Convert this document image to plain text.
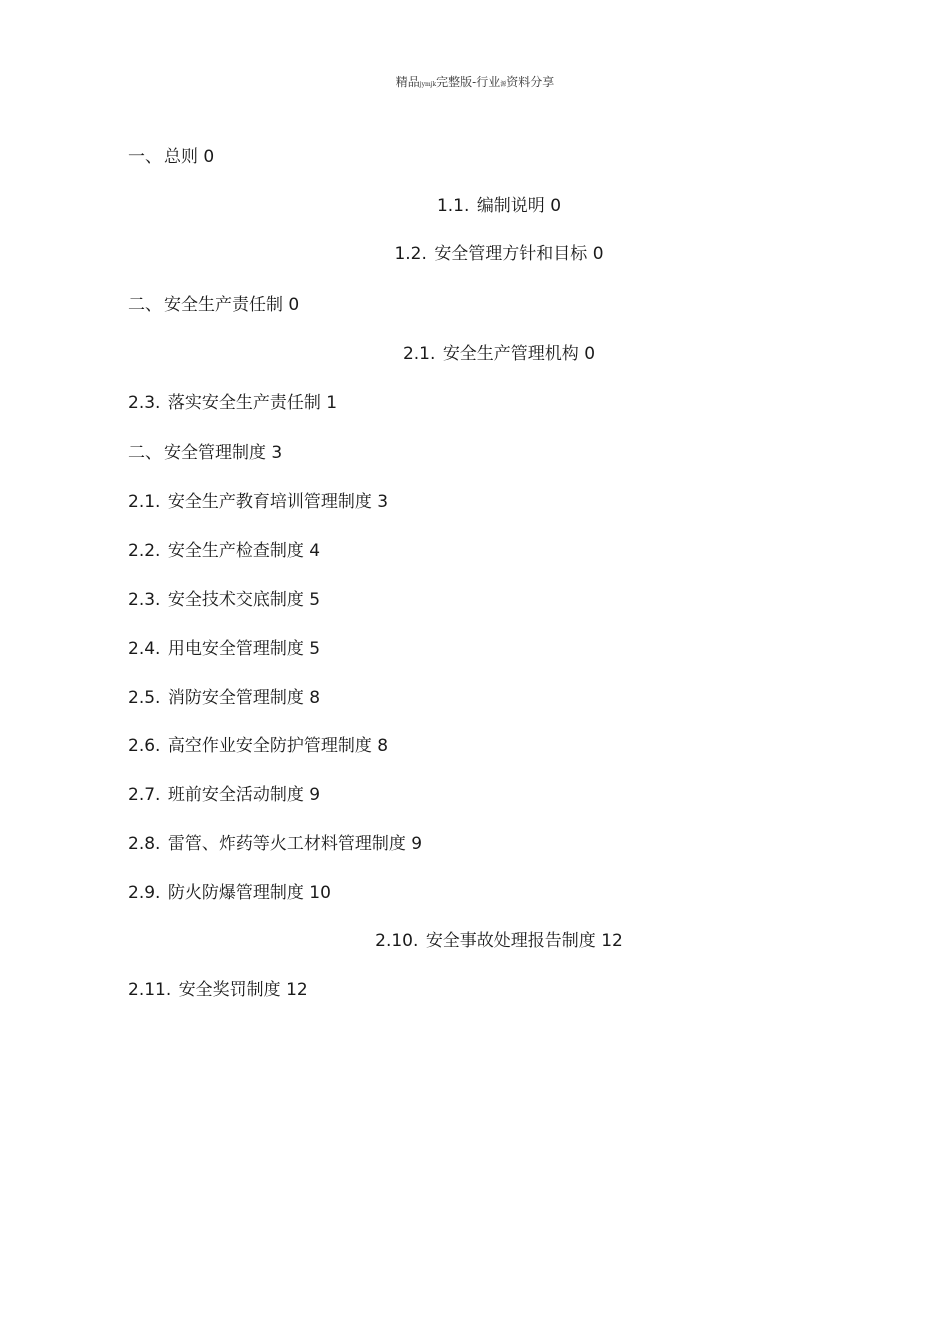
精品jymjk完整版-行业源资料分享
一、 总则 0
1.1. 编制说明 0
1.2. 安全管理方针和目标 0
二、 安全生产责任制 0
2.1. 安全生产管理机构 0
2.3. 落实安全生产责任制 1
二、 安全管理制度 3
2.1. 安全生产教育培训管理制度 3
2.2. 安全生产检查制度 4
2.3. 安全技术交底制度 5
2.4. 用电安全管理制度 5
2.5. 消防安全管理制度 8
2.6. 高空作业安全防护管理制度 8
2.7. 班前安全活动制度 9
2.8. 雷管、炸药等火工材料管理制度 9
2.9. 防火防爆管理制度 10
2.10. 安全事故处理报告制度 12
2.11. 安全奖罚制度 12
